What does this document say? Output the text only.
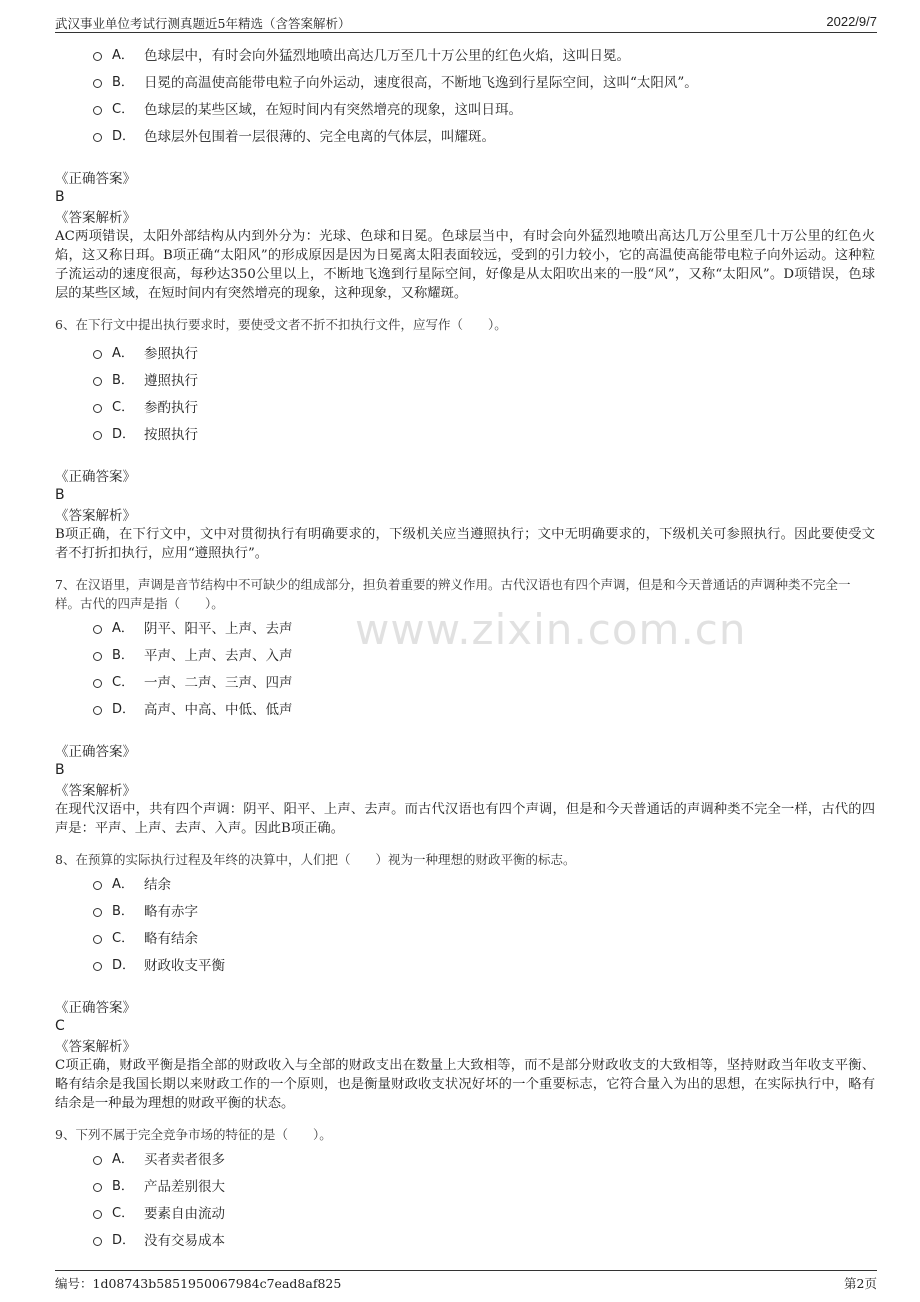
武汉事业单位考试行测真题近5年精选（含答案解析）	2022/9/7
www.zixin.com.cn
A． 色球层中，有时会向外猛烈地喷出高达几万至几十万公里的红色火焰，这叫日冕。
B． 日冕的高温使高能带电粒子向外运动，速度很高，不断地飞逸到行星际空间，这叫“太阳风”。
C． 色球层的某些区域，在短时间内有突然增亮的现象，这叫日珥。
D． 色球层外包围着一层很薄的、完全电离的气体层，叫耀斑。
《正确答案》
B
《答案解析》
AC两项错误，太阳外部结构从内到外分为：光球、色球和日冕。色球层当中，有时会向外猛烈地喷出高达几万公里至几十万公里的红色火焰，这又称日珥。B项正确“太阳风”的形成原因是因为日冕离太阳表面较远，受到的引力较小，它的高温使高能带电粒子向外运动。这种粒子流运动的速度很高，每秒达350公里以上，不断地飞逸到行星际空间，好像是从太阳吹出来的一股“风”，又称“太阳风”。D项错误，色球层的某些区域，在短时间内有突然增亮的现象，这种现象，又称耀斑。
6、在下行文中提出执行要求时，要使受文者不折不扣执行文件，应写作（　　）。
A． 参照执行
B． 遵照执行
C． 参酌执行
D． 按照执行
《正确答案》
B
《答案解析》
B项正确，在下行文中，文中对贯彻执行有明确要求的，下级机关应当遵照执行；文中无明确要求的，下级机关可参照执行。因此要使受文者不打折扣执行，应用“遵照执行”。
7、在汉语里，声调是音节结构中不可缺少的组成部分，担负着重要的辨义作用。古代汉语也有四个声调，但是和今天普通话的声调种类不完全一样。古代的四声是指（　　）。
A． 阴平、阳平、上声、去声
B． 平声、上声、去声、入声
C． 一声、二声、三声、四声
D． 高声、中高、中低、低声
《正确答案》
B
《答案解析》
在现代汉语中，共有四个声调：阴平、阳平、上声、去声。而古代汉语也有四个声调，但是和今天普通话的声调种类不完全一样，古代的四声是：平声、上声、去声、入声。因此B项正确。
8、在预算的实际执行过程及年终的决算中，人们把（　　）视为一种理想的财政平衡的标志。
A． 结余
B． 略有赤字
C． 略有结余
D． 财政收支平衡
《正确答案》
C
《答案解析》
C项正确，财政平衡是指全部的财政收入与全部的财政支出在数量上大致相等，而不是部分财政收支的大致相等，坚持财政当年收支平衡、略有结余是我国长期以来财政工作的一个原则，也是衡量财政收支状况好坏的一个重要标志，它符合量入为出的思想，在实际执行中，略有结余是一种最为理想的财政平衡的状态。
9、下列不属于完全竞争市场的特征的是（　　）。
A． 买者卖者很多
B． 产品差别很大
C． 要素自由流动
D． 没有交易成本
编号：1d08743b5851950067984c7ead8af825	第2页
